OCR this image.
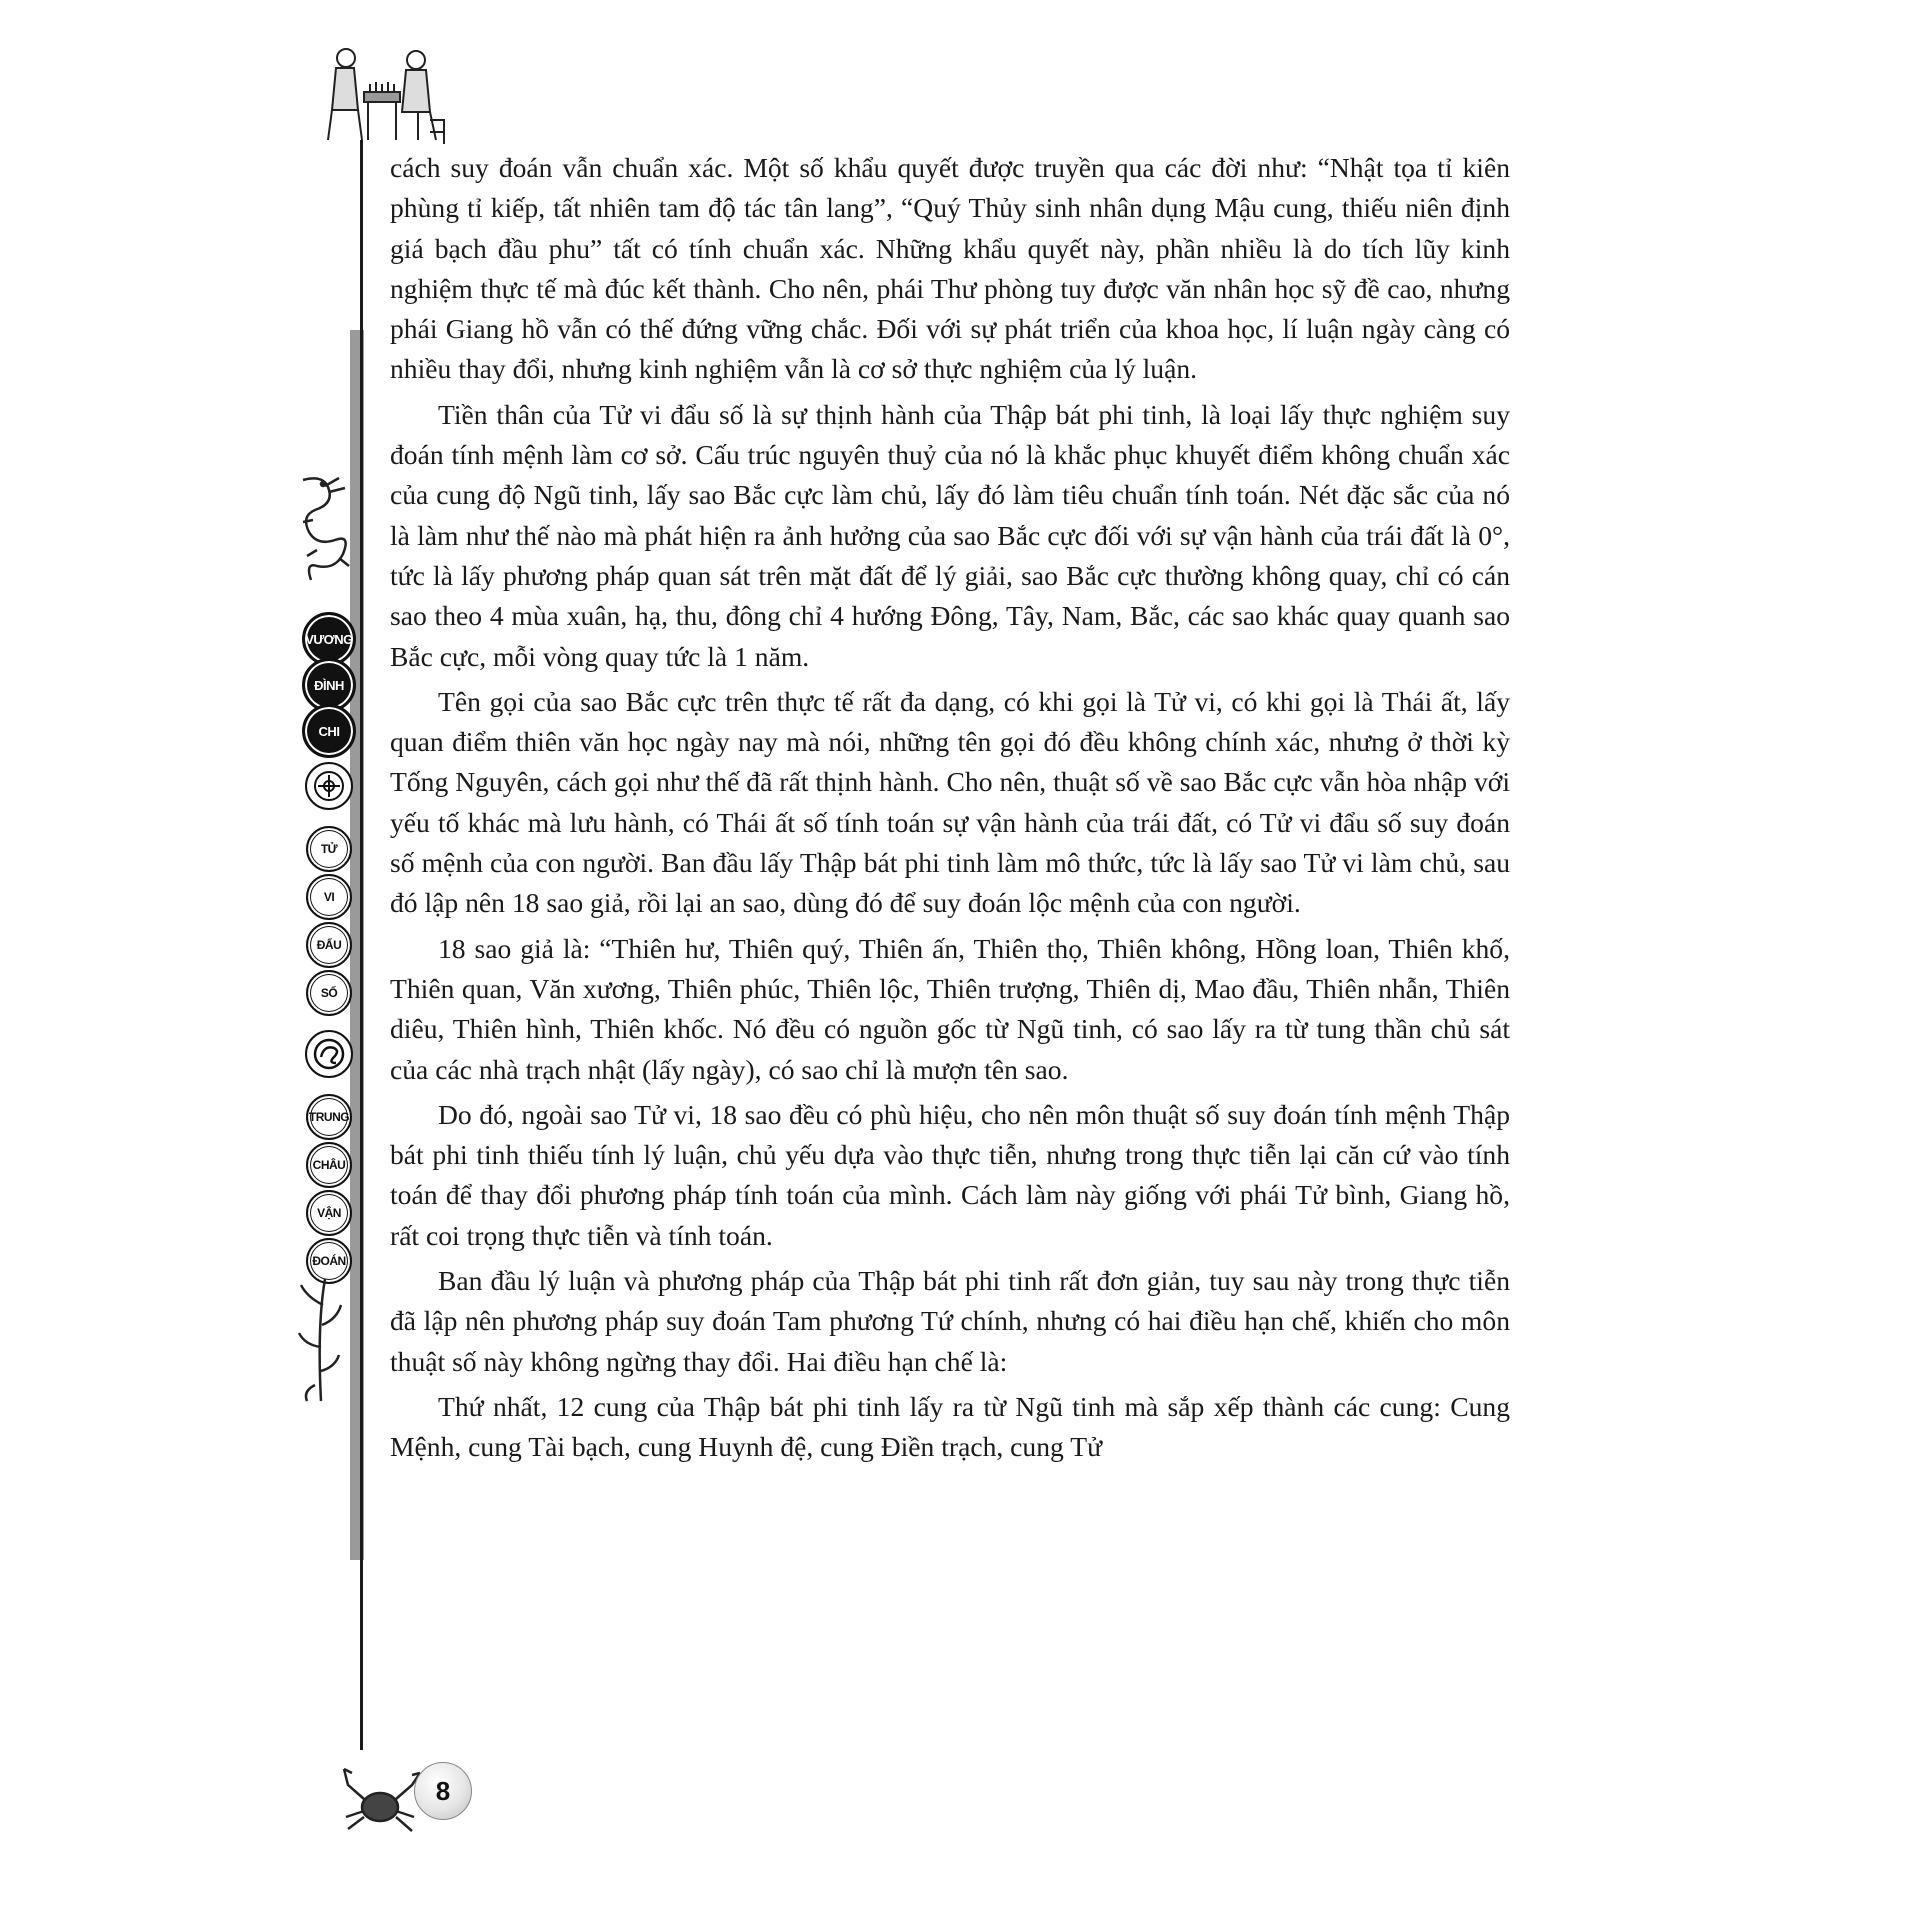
VƯƠNG
ĐÌNH
CHI
TỬ
VI
ĐẨU
SỐ
TRUNG
CHÂU
VẬN
ĐOÁN
8

cách suy đoán vẫn chuẩn xác. Một số khẩu quyết được truyền qua các đời như: “Nhật tọa tỉ kiên phùng tỉ kiếp, tất nhiên tam độ tác tân lang”, “Quý Thủy sinh nhân dụng Mậu cung, thiếu niên định giá bạch đầu phu” tất có tính chuẩn xác. Những khẩu quyết này, phần nhiều là do tích lũy kinh nghiệm thực tế mà đúc kết thành. Cho nên, phái Thư phòng tuy được văn nhân học sỹ đề cao, nhưng phái Giang hồ vẫn có thế đứng vững chắc. Đối với sự phát triển của khoa học, lí luận ngày càng có nhiều thay đổi, nhưng kinh nghiệm vẫn là cơ sở thực nghiệm của lý luận.

Tiền thân của Tử vi đẩu số là sự thịnh hành của Thập bát phi tinh, là loại lấy thực nghiệm suy đoán tính mệnh làm cơ sở. Cấu trúc nguyên thuỷ của nó là khắc phục khuyết điểm không chuẩn xác của cung độ Ngũ tinh, lấy sao Bắc cực làm chủ, lấy đó làm tiêu chuẩn tính toán. Nét đặc sắc của nó là làm như thế nào mà phát hiện ra ảnh hưởng của sao Bắc cực đối với sự vận hành của trái đất là 0°, tức là lấy phương pháp quan sát trên mặt đất để lý giải, sao Bắc cực thường không quay, chỉ có cán sao theo 4 mùa xuân, hạ, thu, đông chỉ 4 hướng Đông, Tây, Nam, Bắc, các sao khác quay quanh sao Bắc cực, mỗi vòng quay tức là 1 năm.

Tên gọi của sao Bắc cực trên thực tế rất đa dạng, có khi gọi là Tử vi, có khi gọi là Thái ất, lấy quan điểm thiên văn học ngày nay mà nói, những tên gọi đó đều không chính xác, nhưng ở thời kỳ Tống Nguyên, cách gọi như thế đã rất thịnh hành. Cho nên, thuật số về sao Bắc cực vẫn hòa nhập với yếu tố khác mà lưu hành, có Thái ất số tính toán sự vận hành của trái đất, có Tử vi đẩu số suy đoán số mệnh của con người. Ban đầu lấy Thập bát phi tinh làm mô thức, tức là lấy sao Tử vi làm chủ, sau đó lập nên 18 sao giả, rồi lại an sao, dùng đó để suy đoán lộc mệnh của con người.

18 sao giả là: “Thiên hư, Thiên quý, Thiên ấn, Thiên thọ, Thiên không, Hồng loan, Thiên khố, Thiên quan, Văn xương, Thiên phúc, Thiên lộc, Thiên trượng, Thiên dị, Mao đầu, Thiên nhẫn, Thiên diêu, Thiên hình, Thiên khốc. Nó đều có nguồn gốc từ Ngũ tinh, có sao lấy ra từ tung thần chủ sát của các nhà trạch nhật (lấy ngày), có sao chỉ là mượn tên sao.

Do đó, ngoài sao Tử vi, 18 sao đều có phù hiệu, cho nên môn thuật số suy đoán tính mệnh Thập bát phi tinh thiếu tính lý luận, chủ yếu dựa vào thực tiễn, nhưng trong thực tiễn lại căn cứ vào tính toán để thay đổi phương pháp tính toán của mình. Cách làm này giống với phái Tử bình, Giang hồ, rất coi trọng thực tiễn và tính toán.

Ban đầu lý luận và phương pháp của Thập bát phi tinh rất đơn giản, tuy sau này trong thực tiễn đã lập nên phương pháp suy đoán Tam phương Tứ chính, nhưng có hai điều hạn chế, khiến cho môn thuật số này không ngừng thay đổi. Hai điều hạn chế là:

Thứ nhất, 12 cung của Thập bát phi tinh lấy ra từ Ngũ tinh mà sắp xếp thành các cung: Cung Mệnh, cung Tài bạch, cung Huynh đệ, cung Điền trạch, cung Tử
